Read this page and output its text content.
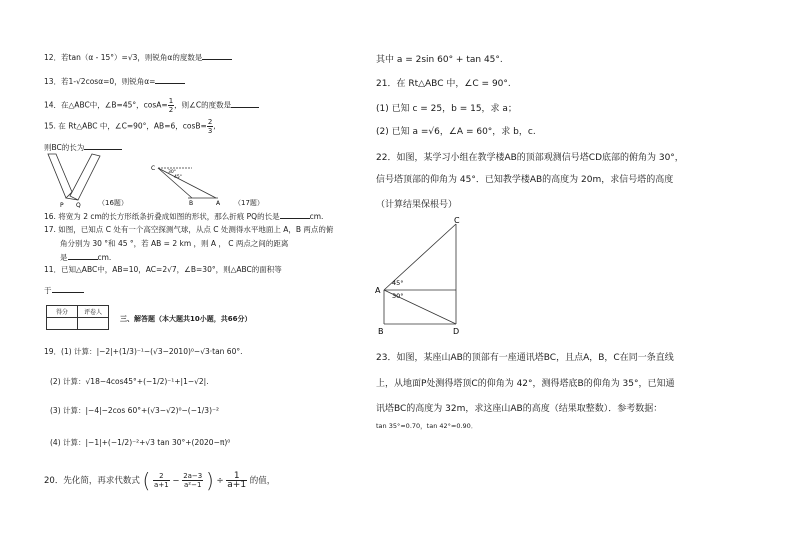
12．若tan（α - 15°）=√3，则锐角α的度数是
13．若1-√2cosα=0，则锐角α=
14．在△ABC中，∠B=45°，$\cos A= \frac{1}{2}$ ，则∠C的度数是
15. 在 Rt△ABC 中，∠C=90°，AB=6，$\cos B= \frac{2}{3}$ ,
则BC的长为
P Q （16题）
C
B	A
30°
45°
（17题）
16. 将宽为 2 cm的长方形纸条折叠成如图的形状，那么折痕 PQ的长是	cm.
17. 如图，已知点 C 处有一个高空探测气球，从点 C 处测得水平地面上 A，B 两点的俯
角分别为 30 °和 45 °，若 AB = 2 km ，则 A ， C 两点之间的距离
是	cm.
11．已知△ABC中，AB=10，AC=2√7，∠B=30°，则△ABC的面积等
于
得分	评卷人

三、解答题（本大题共10小题，共66分）
19．(1) 计算：|−2|+(1/3)⁻¹−(√3−2010)⁰−√3·tan 60°.
(2) 计算：√18−4cos45°+(−1/2)⁻¹+|1−√2|.
(3) 计算：|−4|−2cos 60°+(√3−√2)⁰−(−1/3)⁻²
(4) 计算：|−1|+(−1/2)⁻²+√3 tan 30°+(2020−π)⁰
20．先化简，再求代数式 ( $\frac{2}{a+1} - \frac{2a-3}{\text{a²−1}}$ ) ÷ $\frac{1}{a+1}$ 的值，
其中 a = 2sin 60° + tan 45°.
21．在 Rt△ABC 中，∠C = 90°.
(1) 已知 c = 25，b = 15，求 a；
(2) 已知 a =√6，∠A = 60°，求 b，c.
22．如图，某学习小组在教学楼AB的顶部观测信号塔CD底部的俯角为 30°，
信号塔顶部的仰角为 45°．已知教学楼AB的高度为 20m，求信号塔的高度
（计算结果保根号）
C
A
B	D
45°
30°
23．如图，某座山AB的顶部有一座通讯塔BC，且点A，B，C在同一条直线
上，从地面P处测得塔顶C的仰角为 42°，测得塔底B的仰角为 35°，已知通
讯塔BC的高度为 32m，求这座山AB的高度（结果取整数）．参考数据：
tan 35°≈0.70，tan 42°≈0.90．
